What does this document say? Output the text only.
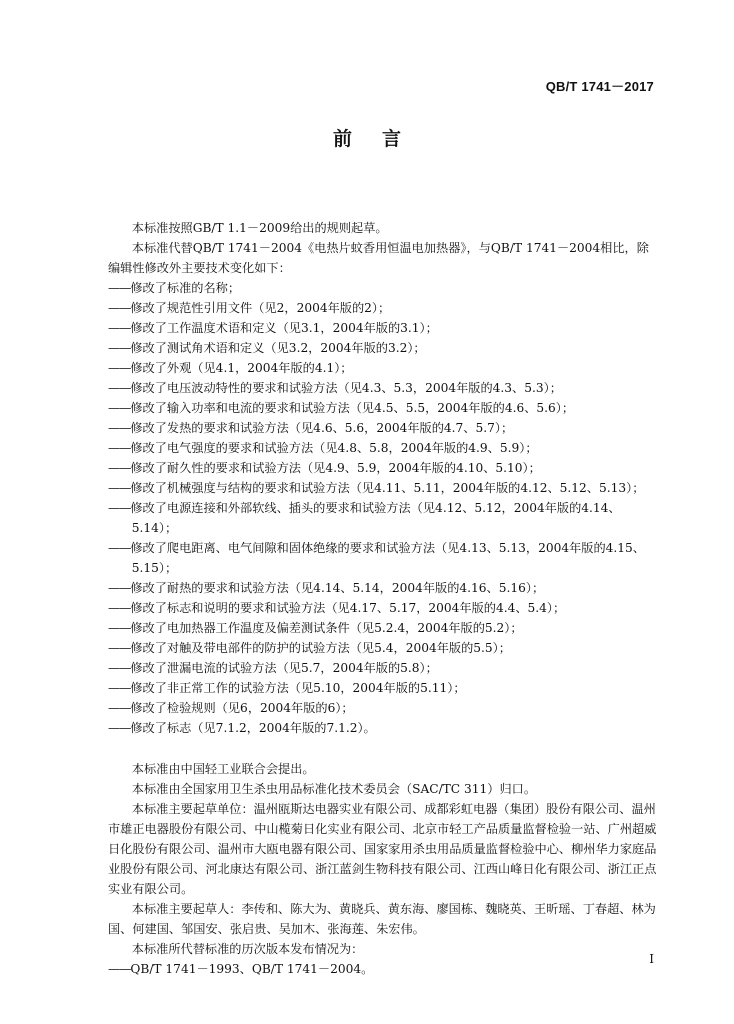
QB/T 1741－2017
前言

本标准按照GB/T 1.1－2009给出的规则起草。

本标准代替QB/T 1741－2004《电热片蚊香用恒温电加热器》，与QB/T 1741－2004相比，除编辑性修改外主要技术变化如下：

——修改了标准的名称；
——修改了规范性引用文件（见2，2004年版的2）；
——修改了工作温度术语和定义（见3.1，2004年版的3.1）；
——修改了测试角术语和定义（见3.2，2004年版的3.2）；
——修改了外观（见4.1，2004年版的4.1）；
——修改了电压波动特性的要求和试验方法（见4.3、5.3，2004年版的4.3、5.3）；
——修改了输入功率和电流的要求和试验方法（见4.5、5.5，2004年版的4.6、5.6）；
——修改了发热的要求和试验方法（见4.6、5.6，2004年版的4.7、5.7）；
——修改了电气强度的要求和试验方法（见4.8、5.8，2004年版的4.9、5.9）；
——修改了耐久性的要求和试验方法（见4.9、5.9，2004年版的4.10、5.10）；
——修改了机械强度与结构的要求和试验方法（见4.11、5.11，2004年版的4.12、5.12、5.13）；
——修改了电源连接和外部软线、插头的要求和试验方法（见4.12、5.12，2004年版的4.14、5.14）；
——修改了爬电距离、电气间隙和固体绝缘的要求和试验方法（见4.13、5.13，2004年版的4.15、5.15）；
——修改了耐热的要求和试验方法（见4.14、5.14，2004年版的4.16、5.16）；
——修改了标志和说明的要求和试验方法（见4.17、5.17，2004年版的4.4、5.4）；
——修改了电加热器工作温度及偏差测试条件（见5.2.4，2004年版的5.2）；
——修改了对触及带电部件的防护的试验方法（见5.4，2004年版的5.5）；
——修改了泄漏电流的试验方法（见5.7，2004年版的5.8）；
——修改了非正常工作的试验方法（见5.10，2004年版的5.11）；
——修改了检验规则（见6，2004年版的6）；
——修改了标志（见7.1.2，2004年版的7.1.2）。

本标准由中国轻工业联合会提出。

本标准由全国家用卫生杀虫用品标准化技术委员会（SAC/TC 311）归口。

本标准主要起草单位：温州瓯斯达电器实业有限公司、成都彩虹电器（集团）股份有限公司、温州市雄正电器股份有限公司、中山榄菊日化实业有限公司、北京市轻工产品质量监督检验一站、广州超威日化股份有限公司、温州市大瓯电器有限公司、国家家用杀虫用品质量监督检验中心、柳州华力家庭品业股份有限公司、河北康达有限公司、浙江蓝剑生物科技有限公司、江西山峰日化有限公司、浙江正点实业有限公司。

本标准主要起草人：李传和、陈大为、黄晓兵、黄东海、廖国栋、魏晓英、王昕瑶、丁春超、林为国、何建国、邹国安、张启贵、吴加木、张海莲、朱宏伟。

本标准所代替标准的历次版本发布情况为：

——QB/T 1741－1993、QB/T 1741－2004。
I
